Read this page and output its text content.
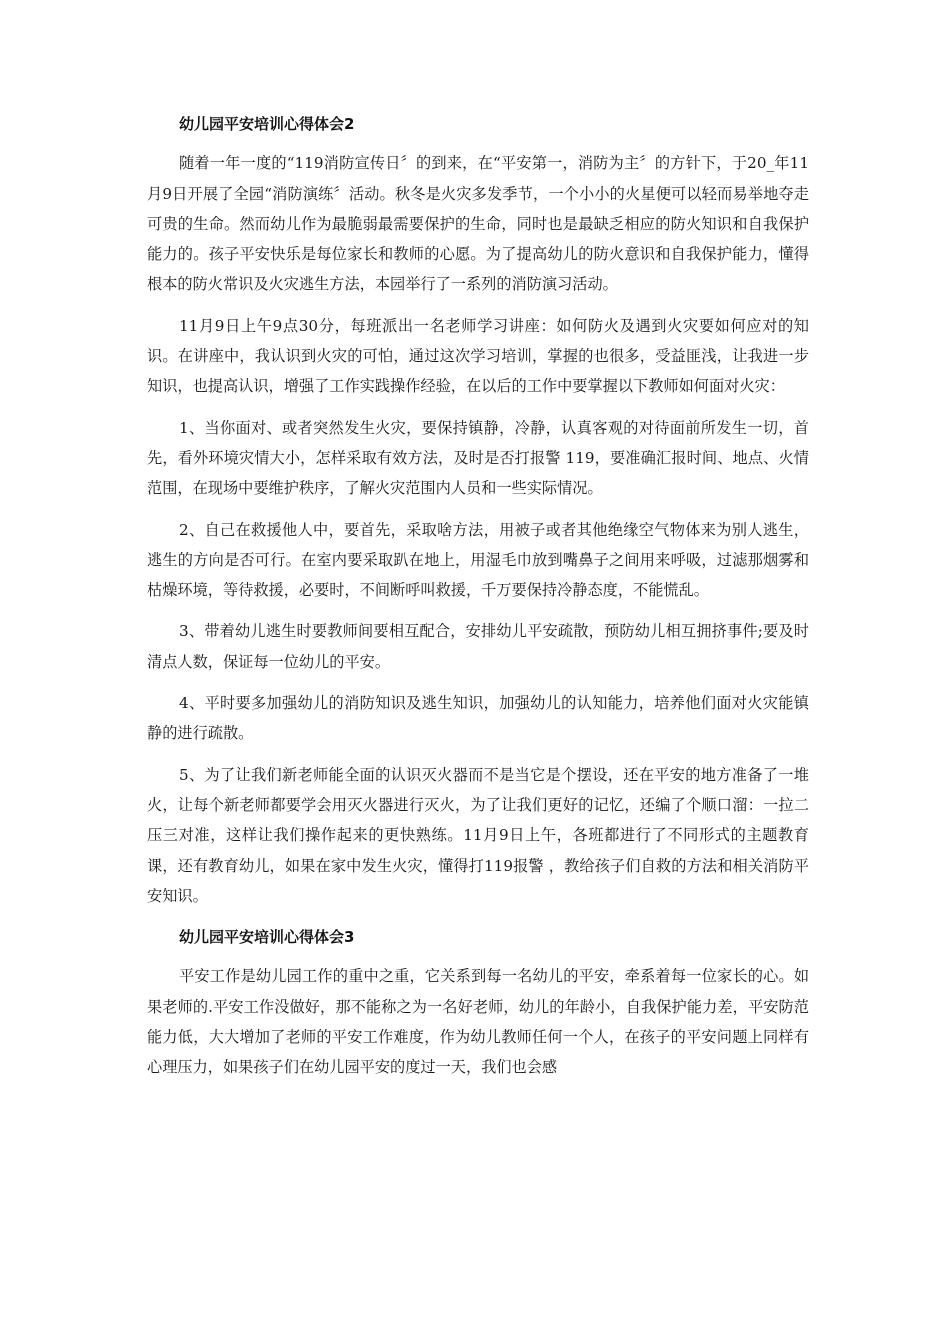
幼儿园平安培训心得体会2

随着一年一度的“119消防宣传日〞的到来，在“平安第一，消防为主〞的方针下，于20_年11月9日开展了全园“消防演练〞活动。秋冬是火灾多发季节，一个小小的火星便可以轻而易举地夺走可贵的生命。然而幼儿作为最脆弱最需要保护的生命，同时也是最缺乏相应的防火知识和自我保护能力的。孩子平安快乐是每位家长和教师的心愿。为了提高幼儿的防火意识和自我保护能力，懂得根本的防火常识及火灾逃生方法，本园举行了一系列的消防演习活动。

11月9日上午9点30分，每班派出一名老师学习讲座：如何防火及遇到火灾要如何应对的知识。在讲座中，我认识到火灾的可怕，通过这次学习培训，掌握的也很多，受益匪浅，让我进一步知识，也提高认识，增强了工作实践操作经验，在以后的工作中要掌握以下教师如何面对火灾：

1、当你面对、或者突然发生火灾，要保持镇静，冷静，认真客观的对待面前所发生一切，首先，看外环境灾情大小，怎样采取有效方法，及时是否打报警 119，要准确汇报时间、地点、火情范围，在现场中要维护秩序，了解火灾范围内人员和一些实际情况。

2、自己在救援他人中，要首先，采取啥方法，用被子或者其他绝缘空气物体来为别人逃生，逃生的方向是否可行。在室内要采取趴在地上，用湿毛巾放到嘴鼻子之间用来呼吸，过滤那烟雾和枯燥环境，等待救援，必要时，不间断呼叫救援，千万要保持冷静态度，不能慌乱。

3、带着幼儿逃生时要教师间要相互配合，安排幼儿平安疏散，预防幼儿相互拥挤事件;要及时清点人数，保证每一位幼儿的平安。

4、平时要多加强幼儿的消防知识及逃生知识，加强幼儿的认知能力，培养他们面对火灾能镇静的进行疏散。

5、为了让我们新老师能全面的认识灭火器而不是当它是个摆设，还在平安的地方准备了一堆火，让每个新老师都要学会用灭火器进行灭火，为了让我们更好的记忆，还编了个顺口溜：一拉二压三对准，这样让我们操作起来的更快熟练。11月9日上午，各班都进行了不同形式的主题教育课，还有教育幼儿，如果在家中发生火灾，懂得打119报警 ，教给孩子们自救的方法和相关消防平安知识。

幼儿园平安培训心得体会3

平安工作是幼儿园工作的重中之重，它关系到每一名幼儿的平安，牵系着每一位家长的心。如果老师的.平安工作没做好，那不能称之为一名好老师，幼儿的年龄小，自我保护能力差，平安防范能力低，大大增加了老师的平安工作难度，作为幼儿教师任何一个人，在孩子的平安问题上同样有心理压力，如果孩子们在幼儿园平安的度过一天，我们也会感
